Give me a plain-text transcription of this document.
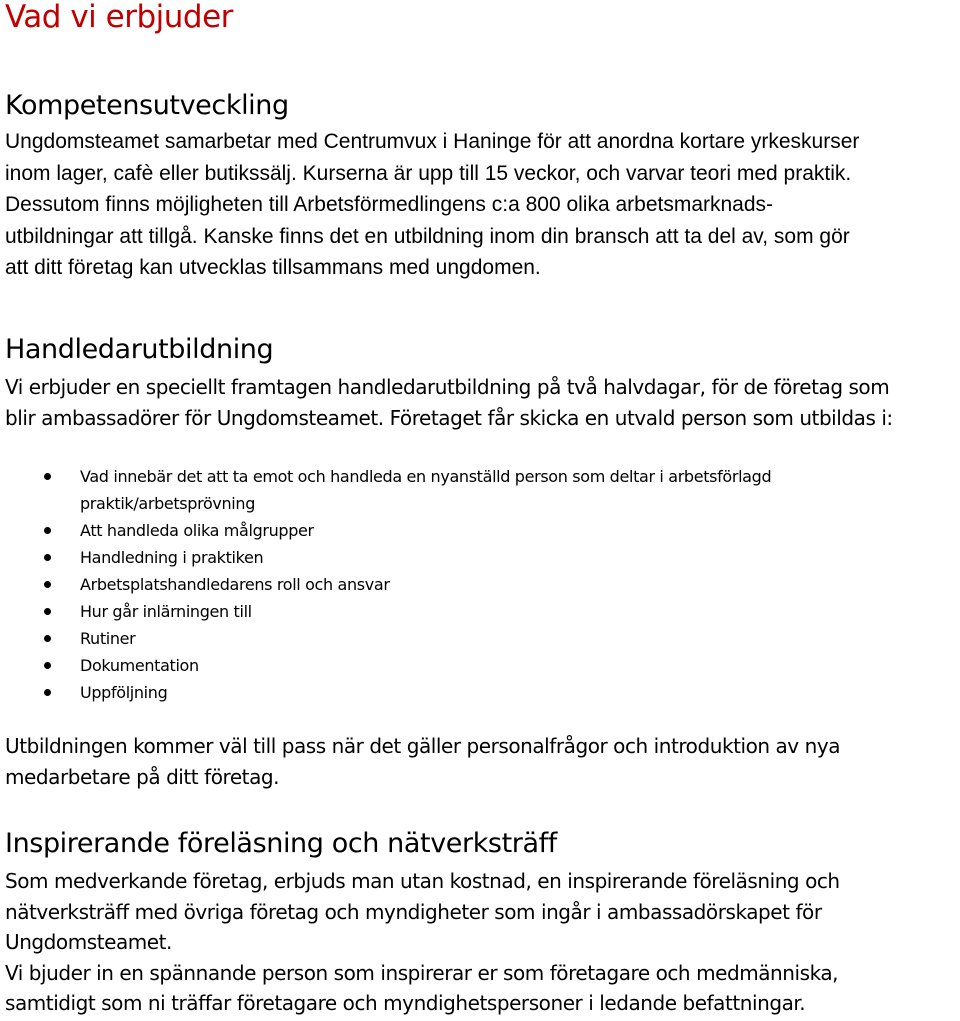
Vad vi erbjuder
Kompetensutveckling
Ungdomsteamet samarbetar med Centrumvux i Haninge för att anordna kortare yrkeskurser
inom lager, cafè eller butikssälj. Kurserna är upp till 15 veckor, och varvar teori med praktik.
Dessutom finns möjligheten till Arbetsförmedlingens c:a 800 olika arbetsmarknads-
utbildningar att tillgå. Kanske finns det en utbildning inom din bransch att ta del av, som gör
att ditt företag kan utvecklas tillsammans med ungdomen.
Handledarutbildning
Vi erbjuder en speciellt framtagen handledarutbildning på två halvdagar, för de företag som
blir ambassadörer för Ungdomsteamet. Företaget får skicka en utvald person som utbildas i:
Vad innebär det att ta emot och handleda en nyanställd person som deltar i arbetsförlagd
praktik/arbetsprövning
Att handleda olika målgrupper
Handledning i praktiken
Arbetsplatshandledarens roll och ansvar
Hur går inlärningen till
Rutiner
Dokumentation
Uppföljning
Utbildningen kommer väl till pass när det gäller personalfrågor och introduktion av nya
medarbetare på ditt företag.
Inspirerande föreläsning och nätverksträff
Som medverkande företag, erbjuds man utan kostnad, en inspirerande föreläsning och
nätverksträff med övriga företag och myndigheter som ingår i ambassadörskapet för
Ungdomsteamet.
Vi bjuder in en spännande person som inspirerar er som företagare och medmänniska,
samtidigt som ni träffar företagare och myndighetspersoner i ledande befattningar.
